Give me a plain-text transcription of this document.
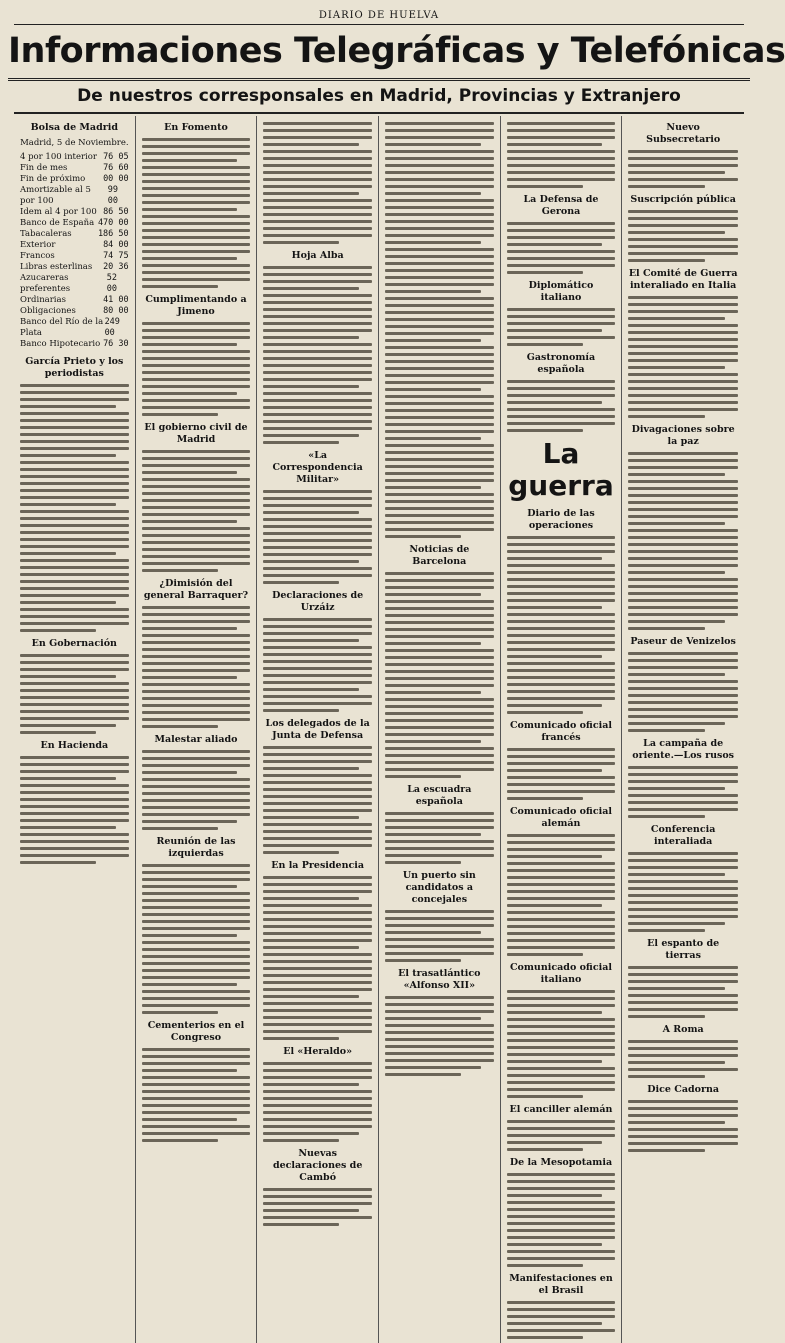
DIARIO DE HUELVA
Informaciones Telegráficas y Telefónicas
De nuestros corresponsales en Madrid, Provincias y Extranjero
Bolsa de Madrid
Madrid, 5 de Noviembre.
4 por 100 interior 76 05
Fin de mes	76 60
Fin de próximo 00 00
Amortizable al 5 por 100
99 00
Idem al 4 por 100 86 50
Banco de España 470 00
Tabacaleras	186 50
Exterior	84 00
Francos	74 75
Libras esterlinas 20 36
Azucareras preferentes
52 00
Ordinarias	41 00
Obligaciones	80 00
Banco del Río de la Plata
249 00
Banco Hipotecario 76 30
García Prieto y los periodistas
En Gobernación
En Hacienda
En Fomento
Cumplimentando a Jimeno
El gobierno civil de Madrid
¿Dimisión del general Barraquer?
Malestar aliado
Reunión de las izquierdas
Cementerios en el Congreso
Hoja Alba
«La Correspondencia Militar»
Declaraciones de Urzáiz
Los delegados de la Junta de Defensa
En la Presidencia
El «Heraldo»
Nuevas declaraciones de Cambó
Noticias de Barcelona
La escuadra española
Un puerto sin candidatos a concejales
El trasatlántico «Alfonso XII»
La Defensa de Gerona
Diplomático italiano
Gastronomía española
La guerra
Diario de las operaciones
Comunicado oficial francés
Comunicado oficial alemán
Comunicado oficial italiano
El canciller alemán
De la Mesopotamia
Manifestaciones en el Brasil
Nuevo Subsecretario
Suscripción pública
El Comité de Guerra interaliado en Italia
Divagaciones sobre la paz
Paseur de Venizelos
La campaña de oriente.—Los rusos
Conferencia interaliada
El espanto de tierras
A Roma
Dice Cadorna
